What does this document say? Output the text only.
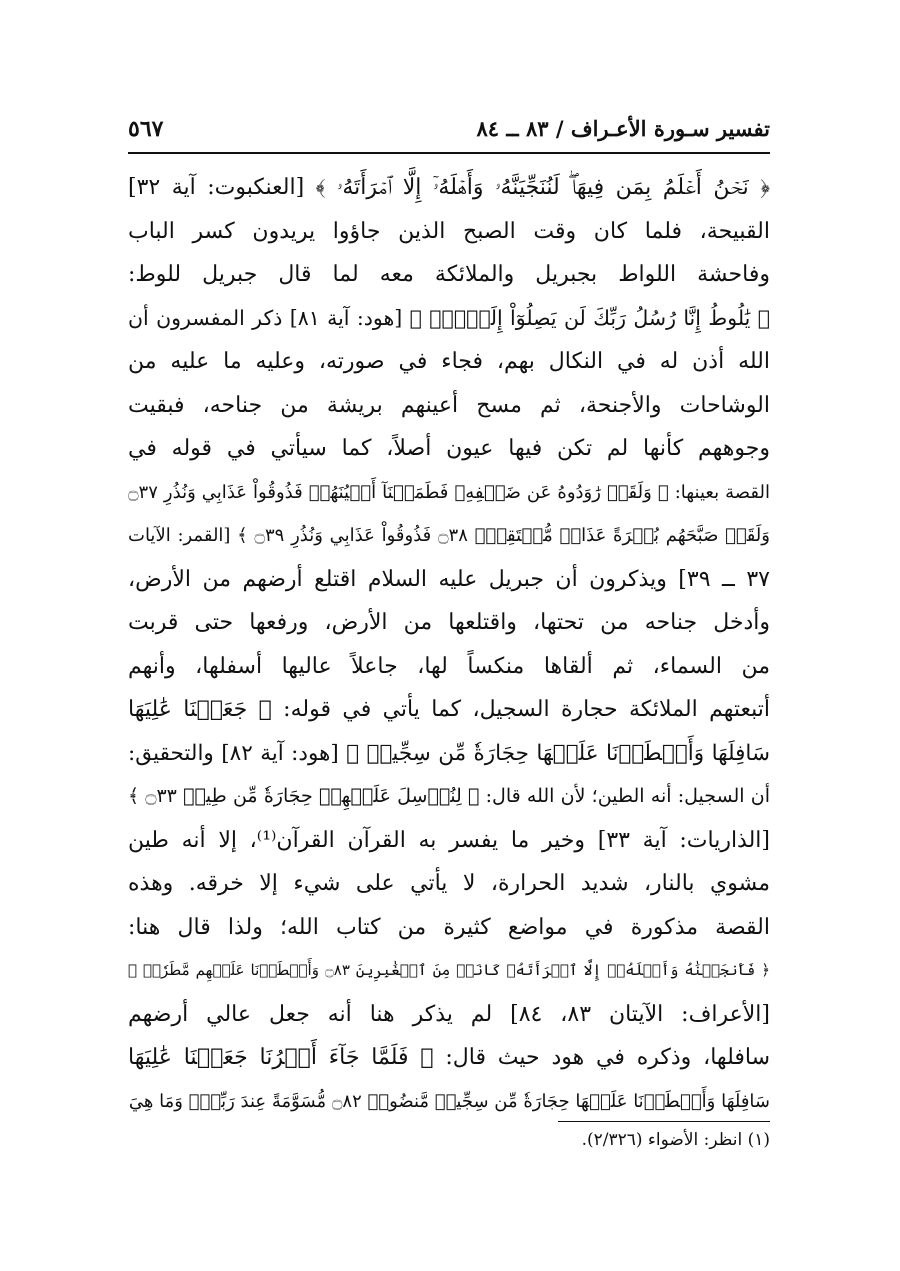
تفسير سـورة الأعـراف / ٨٣ ــ ٨٤
٥٦٧
﴿ نَحۡنُ أَعۡلَمُ بِمَن فِيهَاۖ لَنُنَجِّيَنَّهُۥ وَأَهۡلَهُۥٓ إِلَّا ٱمۡرَأَتَهُۥ ﴾ [العنكبوت: آية ٣٢]
القبيحة، فلما كان وقت الصبح الذين جاؤوا يريدون كسر الباب
وفاحشة اللواط بجبريل والملائكة معه لما قال جبريل للوط:
﴿ يَٰلُوطُ إِنَّا رُسُلُ رَبِّكَ لَن يَصِلُوٓاْ إِلَيۡكَۖ ﴾ [هود: آية ٨١] ذكر المفسرون أن
الله أذن له في النكال بهم، فجاء في صورته، وعليه ما عليه من
الوشاحات والأجنحة، ثم مسح أعينهم بريشة من جناحه، فبقيت
وجوههم كأنها لم تكن فيها عيون أصلاً، كما سيأتي في قوله في
القصة بعينها: ﴿ وَلَقَدۡ رَٰوَدُوهُ عَن ضَيۡفِهِۦ فَطَمَسۡنَآ أَعۡيُنَهُمۡ فَذُوقُواْ عَذَابِي وَنُذُرِ ۝٣٧
وَلَقَدۡ صَبَّحَهُم بُكۡرَةً عَذَابٞ مُّسۡتَقِرّٞ ۝٣٨ فَذُوقُواْ عَذَابِي وَنُذُرِ ۝٣٩ ﴾ [القمر: الآيات
٣٧ ــ ٣٩] ويذكرون أن جبريل عليه السلام اقتلع أرضهم من الأرض،
وأدخل جناحه من تحتها، واقتلعها من الأرض، ورفعها حتى قربت
من السماء، ثم ألقاها منكساً لها، جاعلاً عاليها أسفلها، وأنهم
أتبعتهم الملائكة حجارة السجيل، كما يأتي في قوله: ﴿ جَعَلۡنَا عَٰلِيَهَا
سَافِلَهَا وَأَمۡطَرۡنَا عَلَيۡهَا حِجَارَةٗ مِّن سِجِّيلٖ ﴾ [هود: آية ٨٢] والتحقيق:
أن السجيل: أنه الطين؛ لأن الله قال: ﴿ لِنُرۡسِلَ عَلَيۡهِمۡ حِجَارَةٗ مِّن طِينٖ ۝٣٣ ﴾
[الذاريات: آية ٣٣] وخير ما يفسر به القرآن القرآن⁽¹⁾، إلا أنه طين
مشوي بالنار، شديد الحرارة، لا يأتي على شيء إلا خرقه. وهذه
القصة مذكورة في مواضع كثيرة من كتاب الله؛ ولذا قال هنا:
﴿ فَأَنجَيۡنَٰهُ وَأَهۡلَهُۥٓ إِلَّا ٱمۡرَأَتَهُۥ كَانَتۡ مِنَ ٱلۡغَٰبِرِينَ ۝٨٣ وَأَمۡطَرۡنَا عَلَيۡهِم مَّطَرٗاۖ ﴾
[الأعراف: الآيتان ٨٣، ٨٤] لم يذكر هنا أنه جعل عالي أرضهم
سافلها، وذكره في هود حيث قال: ﴿ فَلَمَّا جَآءَ أَمۡرُنَا جَعَلۡنَا عَٰلِيَهَا
سَافِلَهَا وَأَمۡطَرۡنَا عَلَيۡهَا حِجَارَةٗ مِّن سِجِّيلٖ مَّنضُودٖ ۝٨٢ مُّسَوَّمَةً عِندَ رَبِّكَۖ وَمَا هِيَ
(١) انظر: الأضواء (٢/٣٢٦).
